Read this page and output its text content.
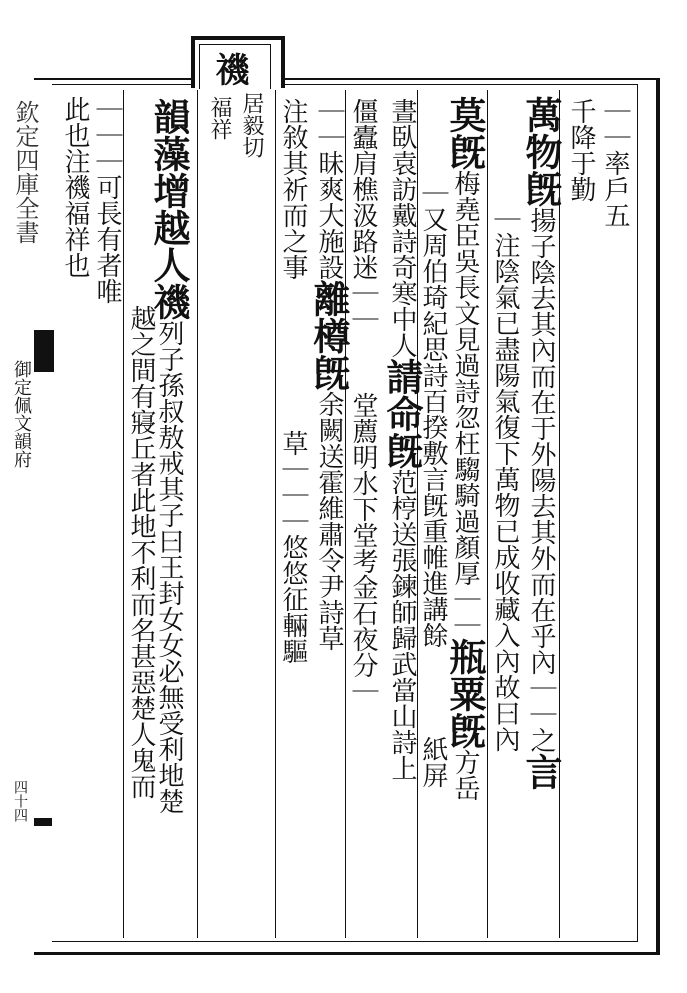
欽定四庫全書
御定佩文韻府
四十四
禨
居毅切
福祥	｜｜率戶五
千降于勤
萬物旣揚子陰去其內而在于外陽去其外而在乎內｜｜之言
｜注陰氣已盡陽氣復下萬物已成收藏入內故曰內
莫旣梅堯臣吳長文見過詩忽枉騶騎過顏厚｜｜瓶粟旣方岳
｜又周伯琦紀思詩百揆敷言旣重帷進講餘紙屏
晝臥袁訪戴詩奇寒中人請命旣范梈送張鍊師歸武當山詩上
僵蠹肩樵汲路迷｜｜堂薦明水下堂考金石夜分｜
｜｜昧爽大施設離樽旣余闕送霍維肅令尹詩草
注敘其祈而之事草｜｜｜悠悠征輛驅
韻藻增越人禨列子孫叔敖戒其子曰王封女女必無受利地楚
越之間有寢丘者此地不利而名甚惡楚人鬼而
｜｜｜可長有者唯
此也注禨福祥也
